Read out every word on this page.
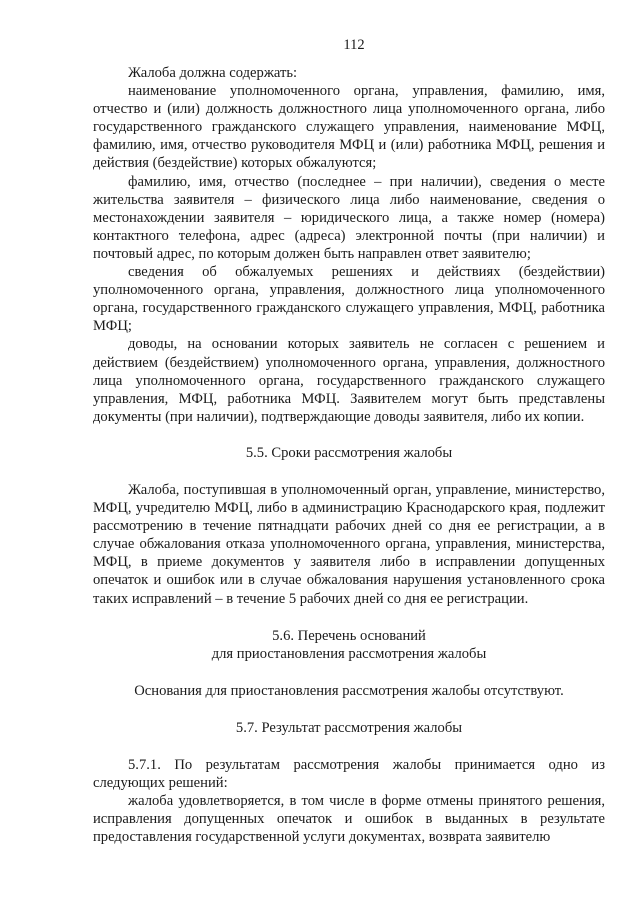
112

Жалоба должна содержать:

наименование уполномоченного органа, управления, фамилию, имя, отчество и (или) должность должностного лица уполномоченного органа, либо государственного гражданского служащего управления, наименование МФЦ, фамилию, имя, отчество руководителя МФЦ и (или) работника МФЦ, решения и действия (бездействие) которых обжалуются;

фамилию, имя, отчество (последнее – при наличии), сведения о месте жительства заявителя – физического лица либо наименование, сведения о местонахождении заявителя – юридического лица, а также номер (номера) контактного телефона, адрес (адреса) электронной почты (при наличии) и почтовый адрес, по которым должен быть направлен ответ заявителю;

сведения об обжалуемых решениях и действиях (бездействии) уполномоченного органа, управления, должностного лица уполномоченного органа, государственного гражданского служащего управления, МФЦ, работника МФЦ;

доводы, на основании которых заявитель не согласен с решением и действием (бездействием) уполномоченного органа, управления, должностного лица уполномоченного органа, государственного гражданского служащего управления, МФЦ, работника МФЦ. Заявителем могут быть представлены документы (при наличии), подтверждающие доводы заявителя, либо их копии.

5.5. Сроки рассмотрения жалобы

Жалоба, поступившая в уполномоченный орган, управление, министерство, МФЦ, учредителю МФЦ, либо в администрацию Краснодарского края, подлежит рассмотрению в течение пятнадцати рабочих дней со дня ее регистрации, а в случае обжалования отказа уполномоченного органа, управления, министерства, МФЦ, в приеме документов у заявителя либо в исправлении допущенных опечаток и ошибок или в случае обжалования нарушения установленного срока таких исправлений – в течение 5 рабочих дней со дня ее регистрации.

5.6. Перечень оснований

для приостановления рассмотрения жалобы

Основания для приостановления рассмотрения жалобы отсутствуют.

5.7. Результат рассмотрения жалобы

5.7.1. По результатам рассмотрения жалобы принимается одно из следующих решений:

жалоба удовлетворяется, в том числе в форме отмены принятого решения, исправления допущенных опечаток и ошибок в выданных в результате предоставления государственной услуги документах, возврата заявителю
